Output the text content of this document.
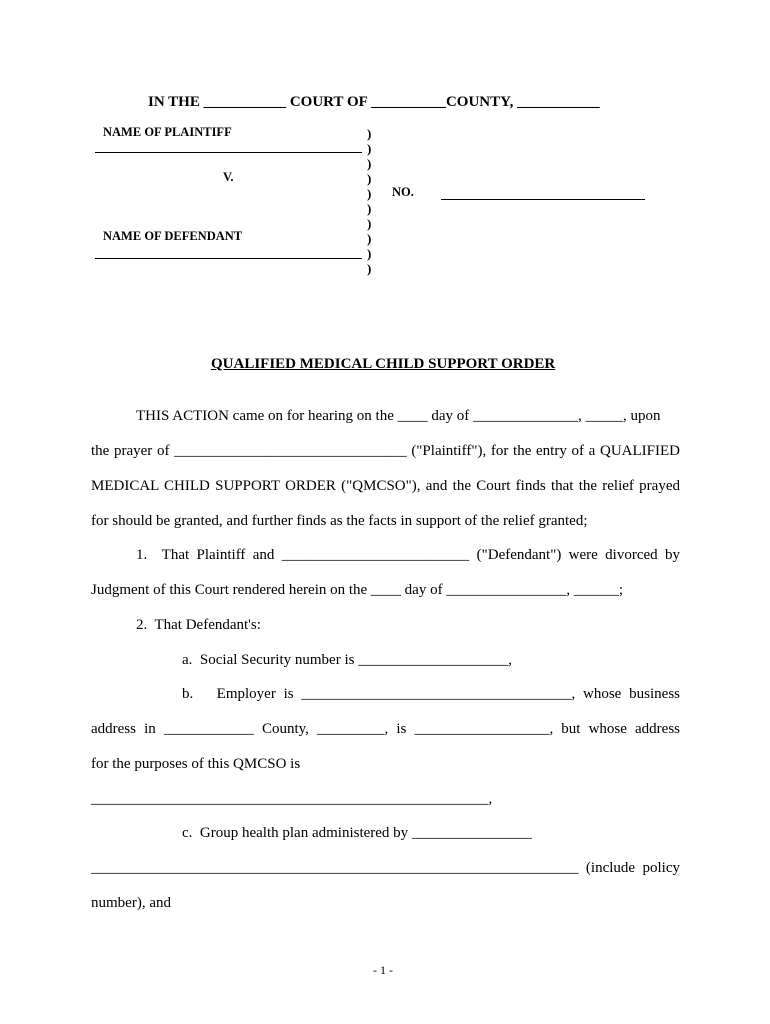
IN THE ___________ COURT OF __________COUNTY, ___________
NAME OF PLAINTIFF
V.
NAME OF DEFENDANT
)
)
)
)
)
)
)
)
)
)
NO.
QUALIFIED MEDICAL CHILD SUPPORT ORDER
THIS ACTION came on for hearing on the ____ day of ______________, _____, upon
the prayer of _______________________________ ("Plaintiff"), for the entry of a QUALIFIED
MEDICAL CHILD SUPPORT ORDER ("QMCSO"), and the Court finds that the relief prayed
for should be granted, and further finds as the facts in support of the relief granted;
1.  That Plaintiff and _________________________ ("Defendant") were divorced by
Judgment of this Court rendered herein on the ____ day of ________________, ______;
2.  That Defendant's:
a.  Social Security number is ____________________,
b.   Employer is ____________________________________, whose business
address in ____________ County, _________, is __________________, but whose address
for the purposes of this QMCSO is
_____________________________________________________,
c.  Group health plan administered by ________________
_________________________________________________________________ (include policy
number), and
- 1 -
